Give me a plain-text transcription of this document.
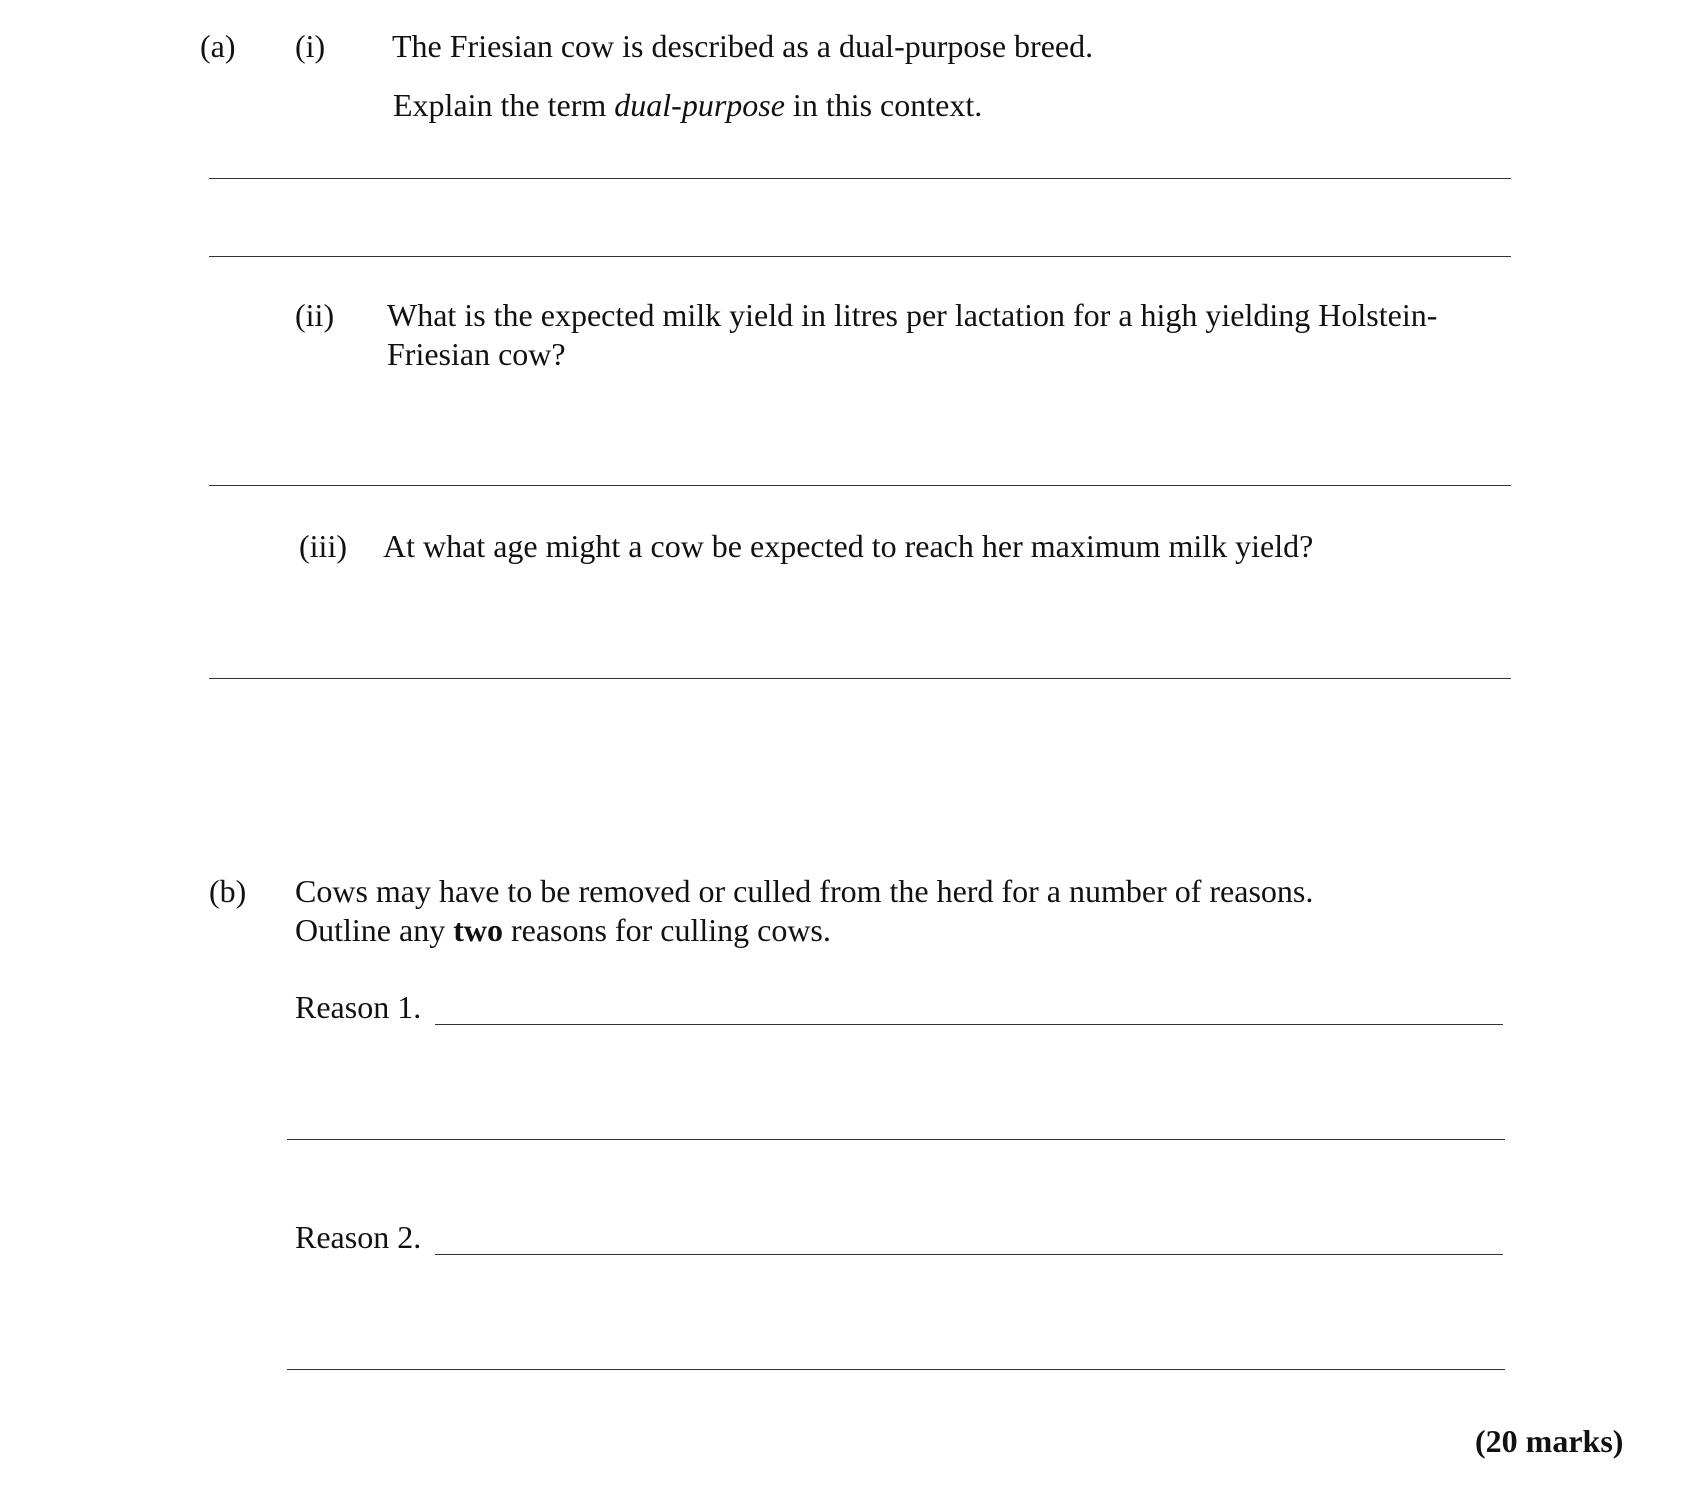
(a) (i) The Friesian cow is described as a dual-purpose breed.
Explain the term dual-purpose in this context.
(ii) What is the expected milk yield in litres per lactation for a high yielding Holstein-
Friesian cow?
(iii) At what age might a cow be expected to reach her maximum milk yield?
(b) Cows may have to be removed or culled from the herd for a number of reasons.
Outline any two reasons for culling cows.
Reason 1.
Reason 2.
(20 marks)
